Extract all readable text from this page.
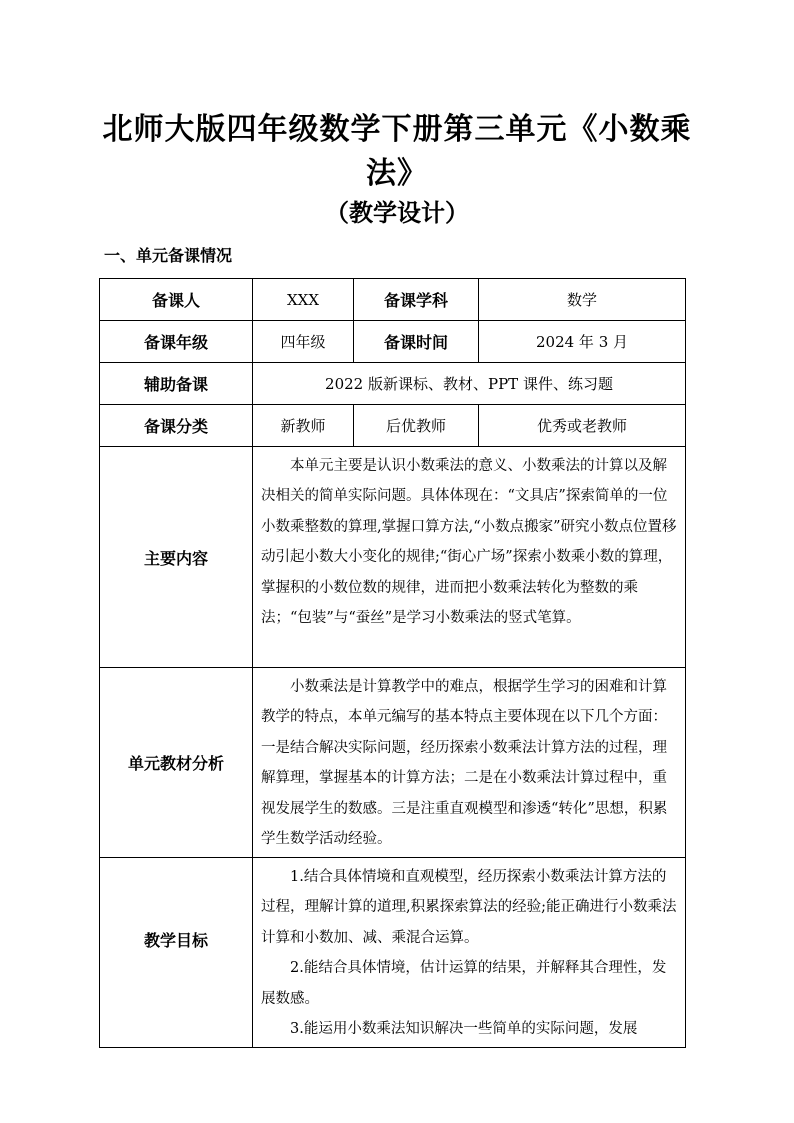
北师大版四年级数学下册第三单元《小数乘法》
（教学设计）
一、单元备课情况
备课人	XXX	备课学科	数学
备课年级	四年级	备课时间	2024 年 3 月
辅助备课	2022 版新课标、教材、PPT 课件、练习题		
备课分类	新教师	后优教师	优秀或老教师
主要内容	本单元主要是认识小数乘法的意义、小数乘法的计算以及解决相关的简单实际问题。具体体现在：“文具店”探索简单的一位小数乘整数的算理,掌握口算方法,“小数点搬家”研究小数点位置移动引起小数大小变化的规律;“街心广场”探索小数乘小数的算理，掌握积的小数位数的规律，进而把小数乘法转化为整数的乘法；“包装”与“蚕丝”是学习小数乘法的竖式笔算。		
单元教材分析	小数乘法是计算教学中的难点，根据学生学习的困难和计算教学的特点，本单元编写的基本特点主要体现在以下几个方面：一是结合解决实际问题，经历探索小数乘法计算方法的过程，理解算理，掌握基本的计算方法；二是在小数乘法计算过程中，重视发展学生的数感。三是注重直观模型和渗透“转化”思想，积累学生数学活动经验。		
教学目标	1.结合具体情境和直观模型，经历探索小数乘法计算方法的过程，理解计算的道理,积累探索算法的经验;能正确进行小数乘法计算和小数加、减、乘混合运算。

2.能结合具体情境，估计运算的结果，并解释其合理性，发展数感。

3.能运用小数乘法知识解决一些简单的实际问题，发展		
